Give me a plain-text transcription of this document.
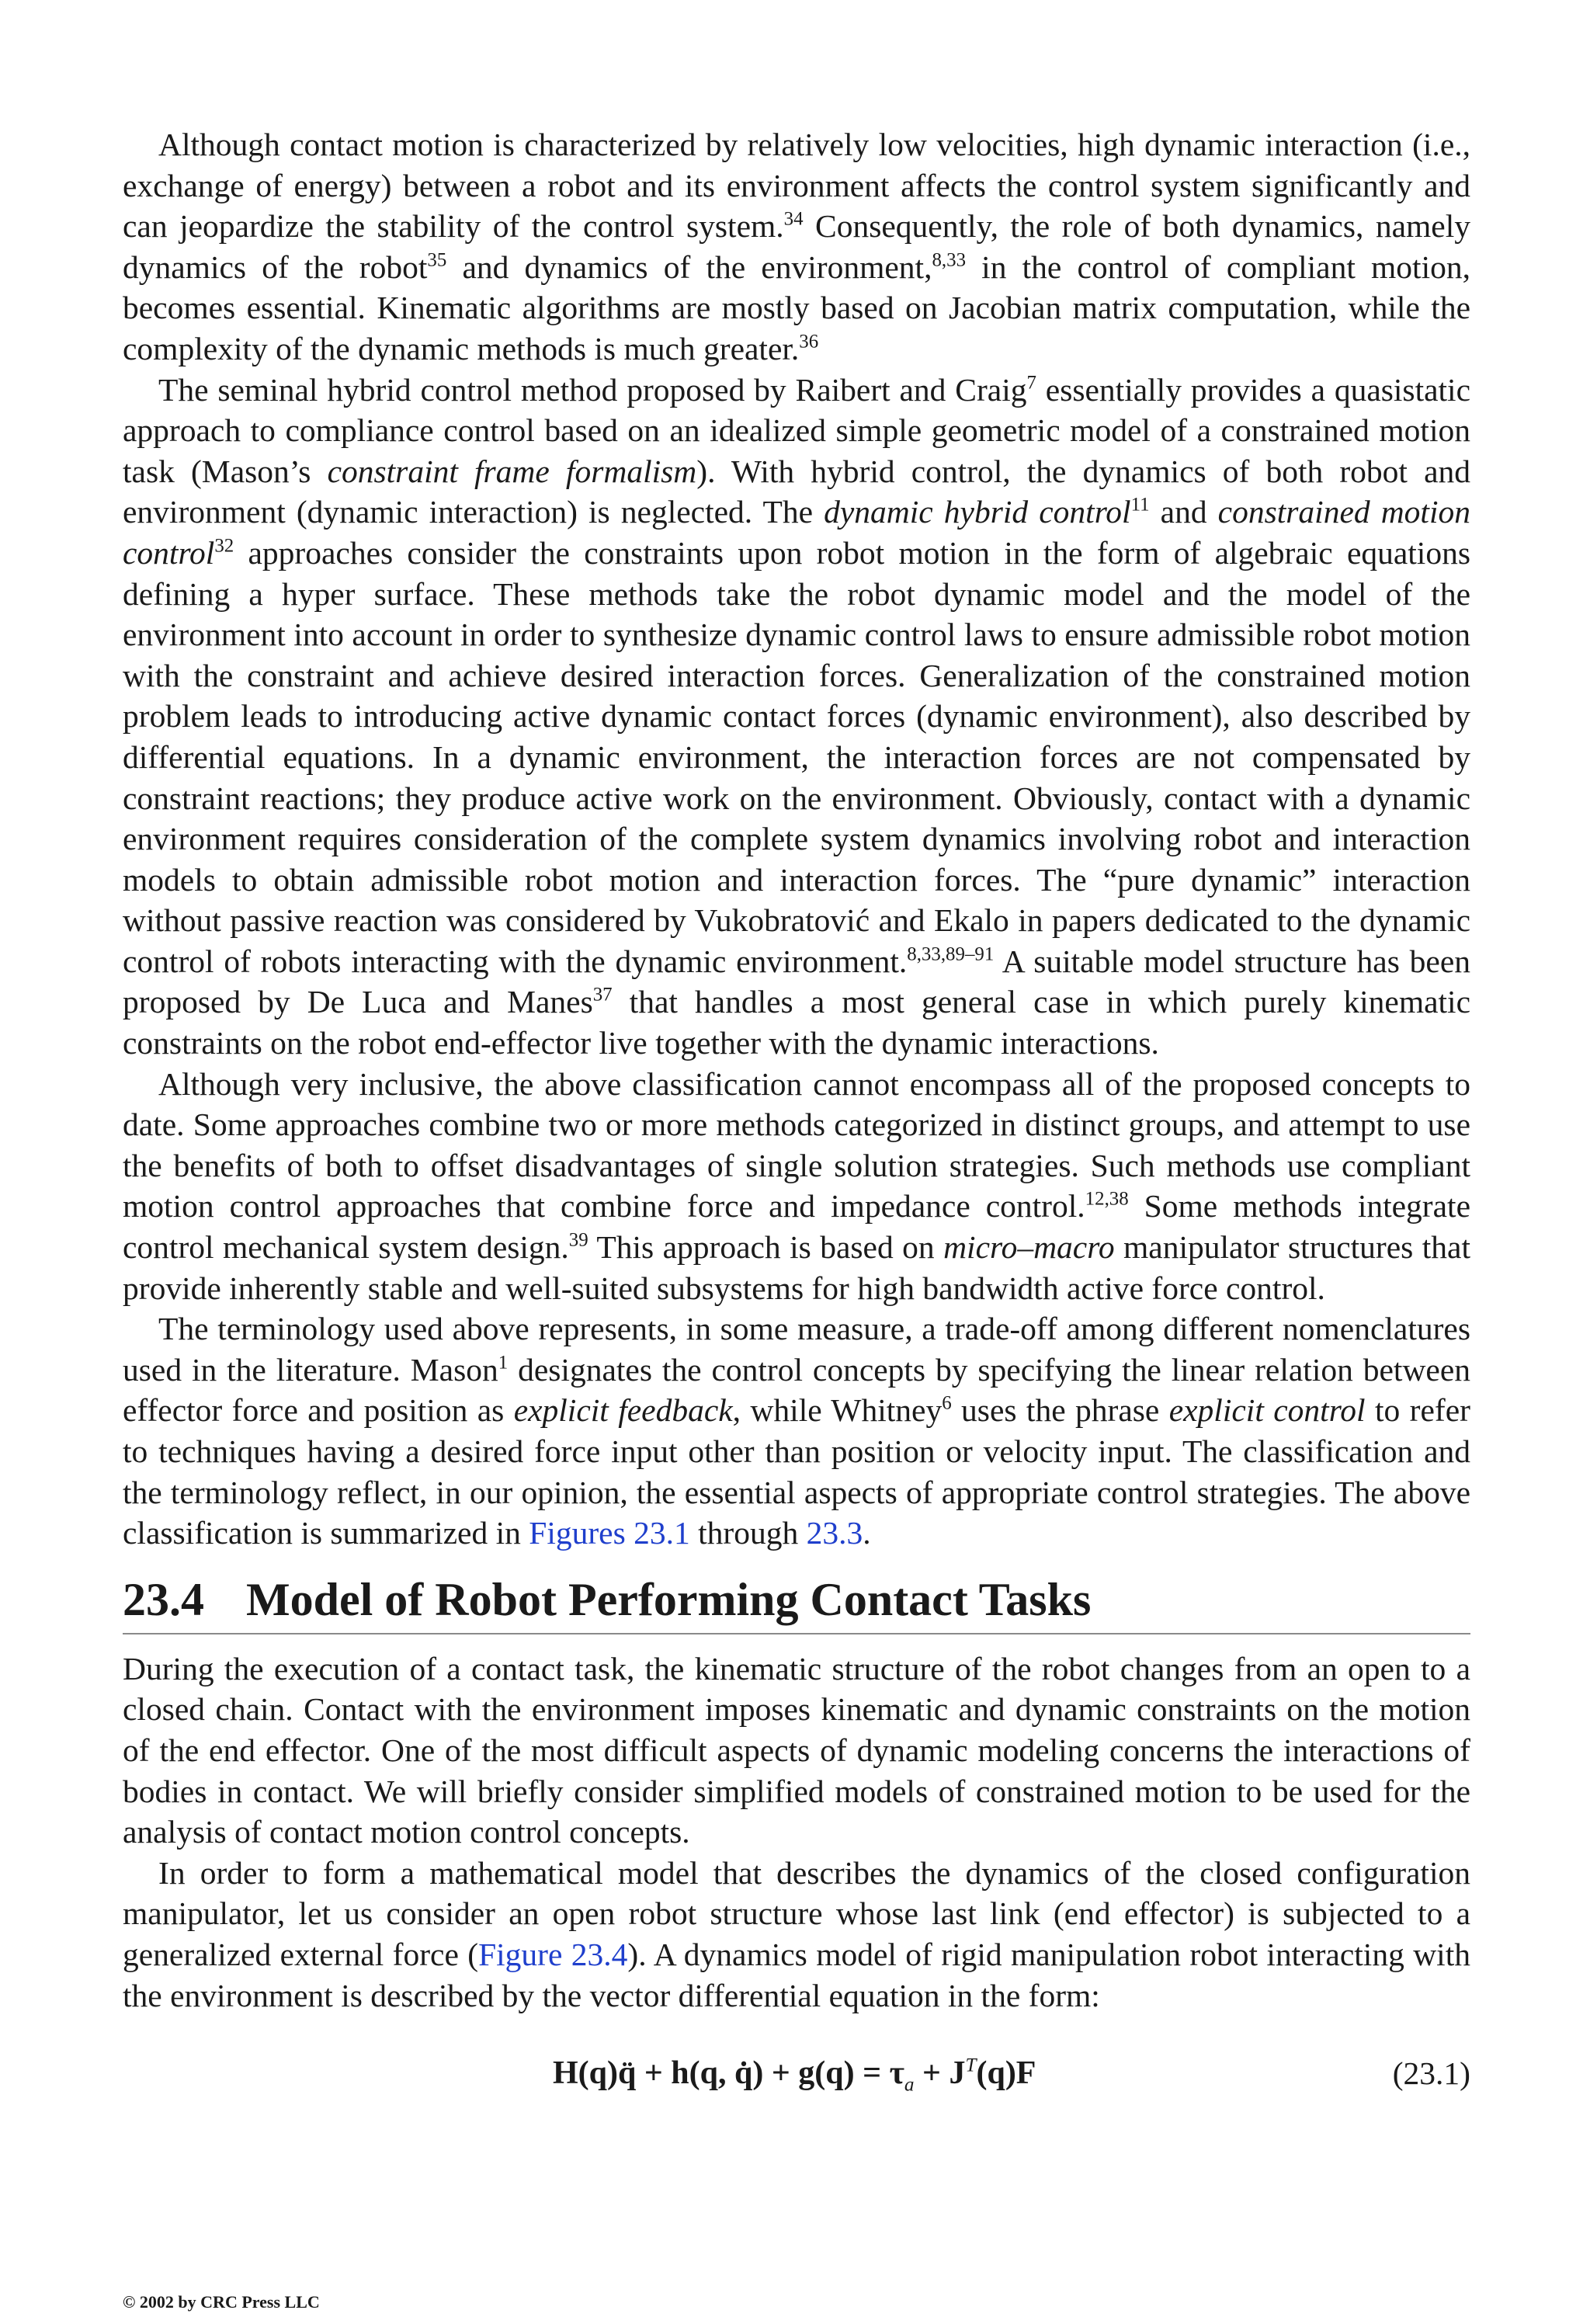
Although contact motion is characterized by relatively low velocities, high dynamic interaction (i.e., exchange of energy) between a robot and its environment affects the control system significantly and can jeopardize the stability of the control system.$^{34}$ Consequently, the role of both dynamics, namely dynamics of the robot$^{35}$ and dynamics of the environment,$^{8,33}$ in the control of compliant motion, becomes essential. Kinematic algorithms are mostly based on Jacobian matrix computation, while the complexity of the dynamic methods is much greater.$^{36}$

The seminal hybrid control method proposed by Raibert and Craig$^7$ essentially provides a quasistatic approach to compliance control based on an idealized simple geometric model of a constrained motion task (Mason’s constraint frame formalism). With hybrid control, the dynamics of both robot and environment (dynamic interaction) is neglected. The dynamic hybrid control$^{11}$ and constrained motion control$^{32}$ approaches consider the constraints upon robot motion in the form of algebraic equations defining a hyper surface. These methods take the robot dynamic model and the model of the environment into account in order to synthesize dynamic control laws to ensure admissible robot motion with the constraint and achieve desired interaction forces. Generalization of the constrained motion problem leads to introducing active dynamic contact forces (dynamic environment), also described by differential equations. In a dynamic environment, the interaction forces are not compensated by constraint reactions; they produce active work on the environment. Obviously, contact with a dynamic environment requires consideration of the complete system dynamics involving robot and interaction models to obtain admissible robot motion and interaction forces. The “pure dynamic” interaction without passive reaction was considered by Vukobratović and Ekalo in papers dedicated to the dynamic control of robots interacting with the dynamic environment.$^{8,33,89-91}$ A suitable model structure has been proposed by De Luca and Manes$^{37}$ that handles a most general case in which purely kinematic constraints on the robot end-effector live together with the dynamic interactions.

Although very inclusive, the above classification cannot encompass all of the proposed concepts to date. Some approaches combine two or more methods categorized in distinct groups, and attempt to use the benefits of both to offset disadvantages of single solution strategies. Such methods use compliant motion control approaches that combine force and impedance control.$^{12,38}$ Some methods integrate control mechanical system design.$^{39}$ This approach is based on micro–macro manipulator structures that provide inherently stable and well-suited subsystems for high bandwidth active force control.

The terminology used above represents, in some measure, a trade-off among different nomenclatures used in the literature. Mason$^1$ designates the control concepts by specifying the linear relation between effector force and position as explicit feedback, while Whitney$^6$ uses the phrase explicit control to refer to techniques having a desired force input other than position or velocity input. The classification and the terminology reflect, in our opinion, the essential aspects of appropriate control strategies. The above classification is summarized in Figures 23.1 through 23.3.

23.4 Model of Robot Performing Contact Tasks

During the execution of a contact task, the kinematic structure of the robot changes from an open to a closed chain. Contact with the environment imposes kinematic and dynamic constraints on the motion of the end effector. One of the most difficult aspects of dynamic modeling concerns the interactions of bodies in contact. We will briefly consider simplified models of constrained motion to be used for the analysis of contact motion control concepts.

In order to form a mathematical model that describes the dynamics of the closed configuration manipulator, let us consider an open robot structure whose last link (end effector) is subjected to a generalized external force (Figure 23.4). A dynamics model of rigid manipulation robot interacting with the environment is described by the vector differential equation in the form:

H(q)q̈ + h(q, q̇) + $g(q) = \tau_a + J^T(q)F$	(23.1)
© 2002 by CRC Press LLC
